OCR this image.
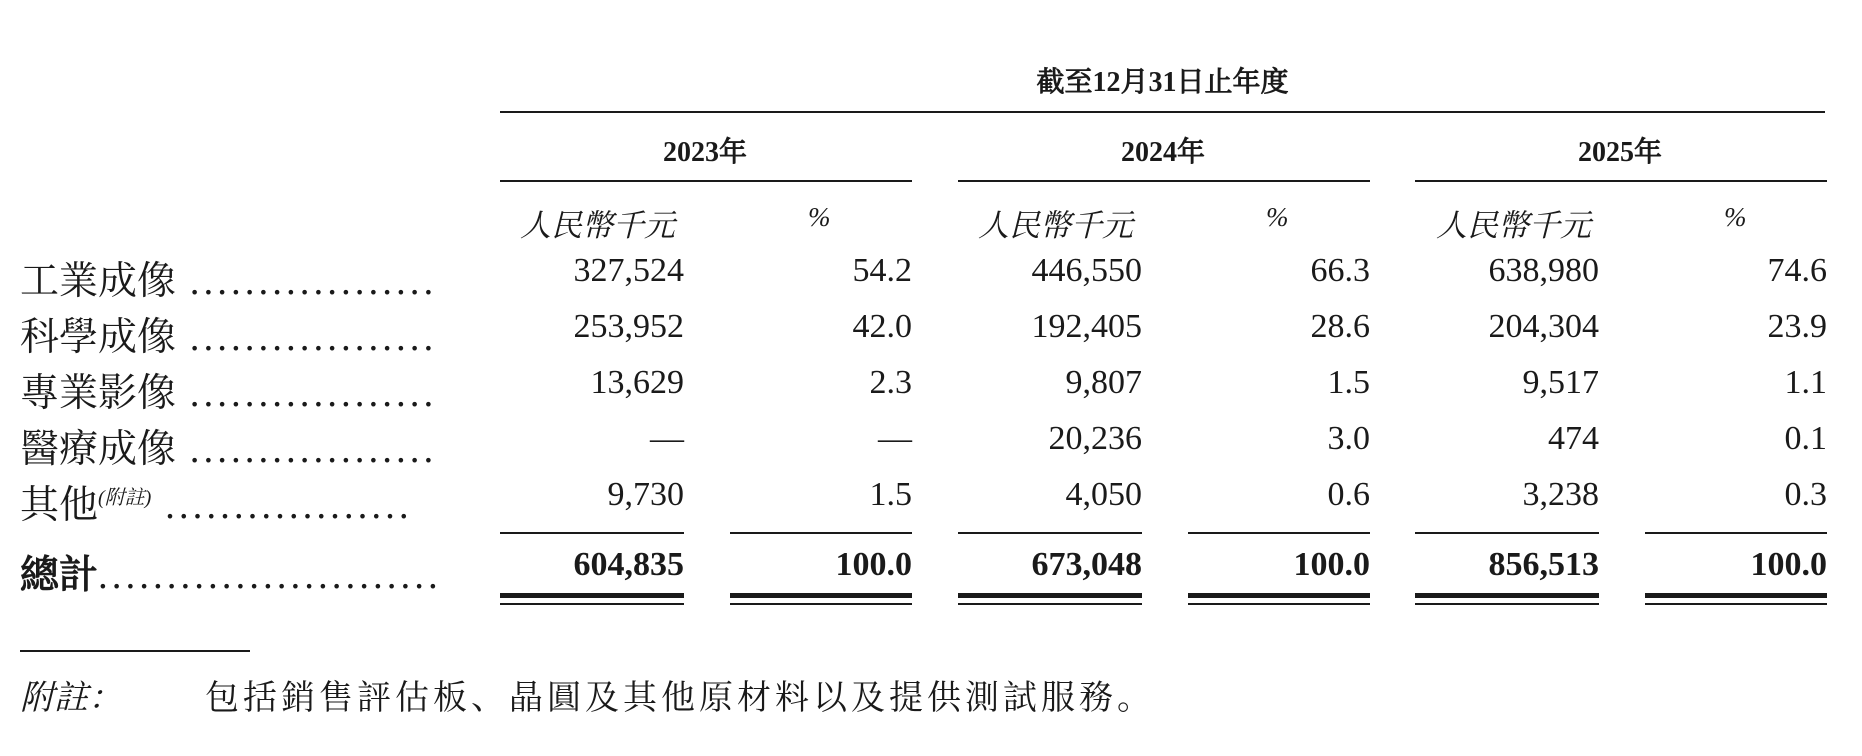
截至12月31日止年度
2023年	2024年	2025年
人民幣千元	%	人民幣千元	%	人民幣千元	%
工業成像 ..................	327,524	54.2	446,550	66.3	638,980	74.6
科學成像 ..................	253,952	42.0	192,405	28.6	204,304	23.9
專業影像 ..................	13,629	2.3	9,807	1.5	9,517	1.1
醫療成像 ..................	—	—	20,236	3.0	474	0.1
其他$^{(附註)}$ ..................	9,730	1.5	4,050	0.6	3,238	0.3
總計.........................	604,835	100.0	673,048	100.0	856,513	100.0
附註： 包括銷售評估板、晶圓及其他原材料以及提供測試服務。
